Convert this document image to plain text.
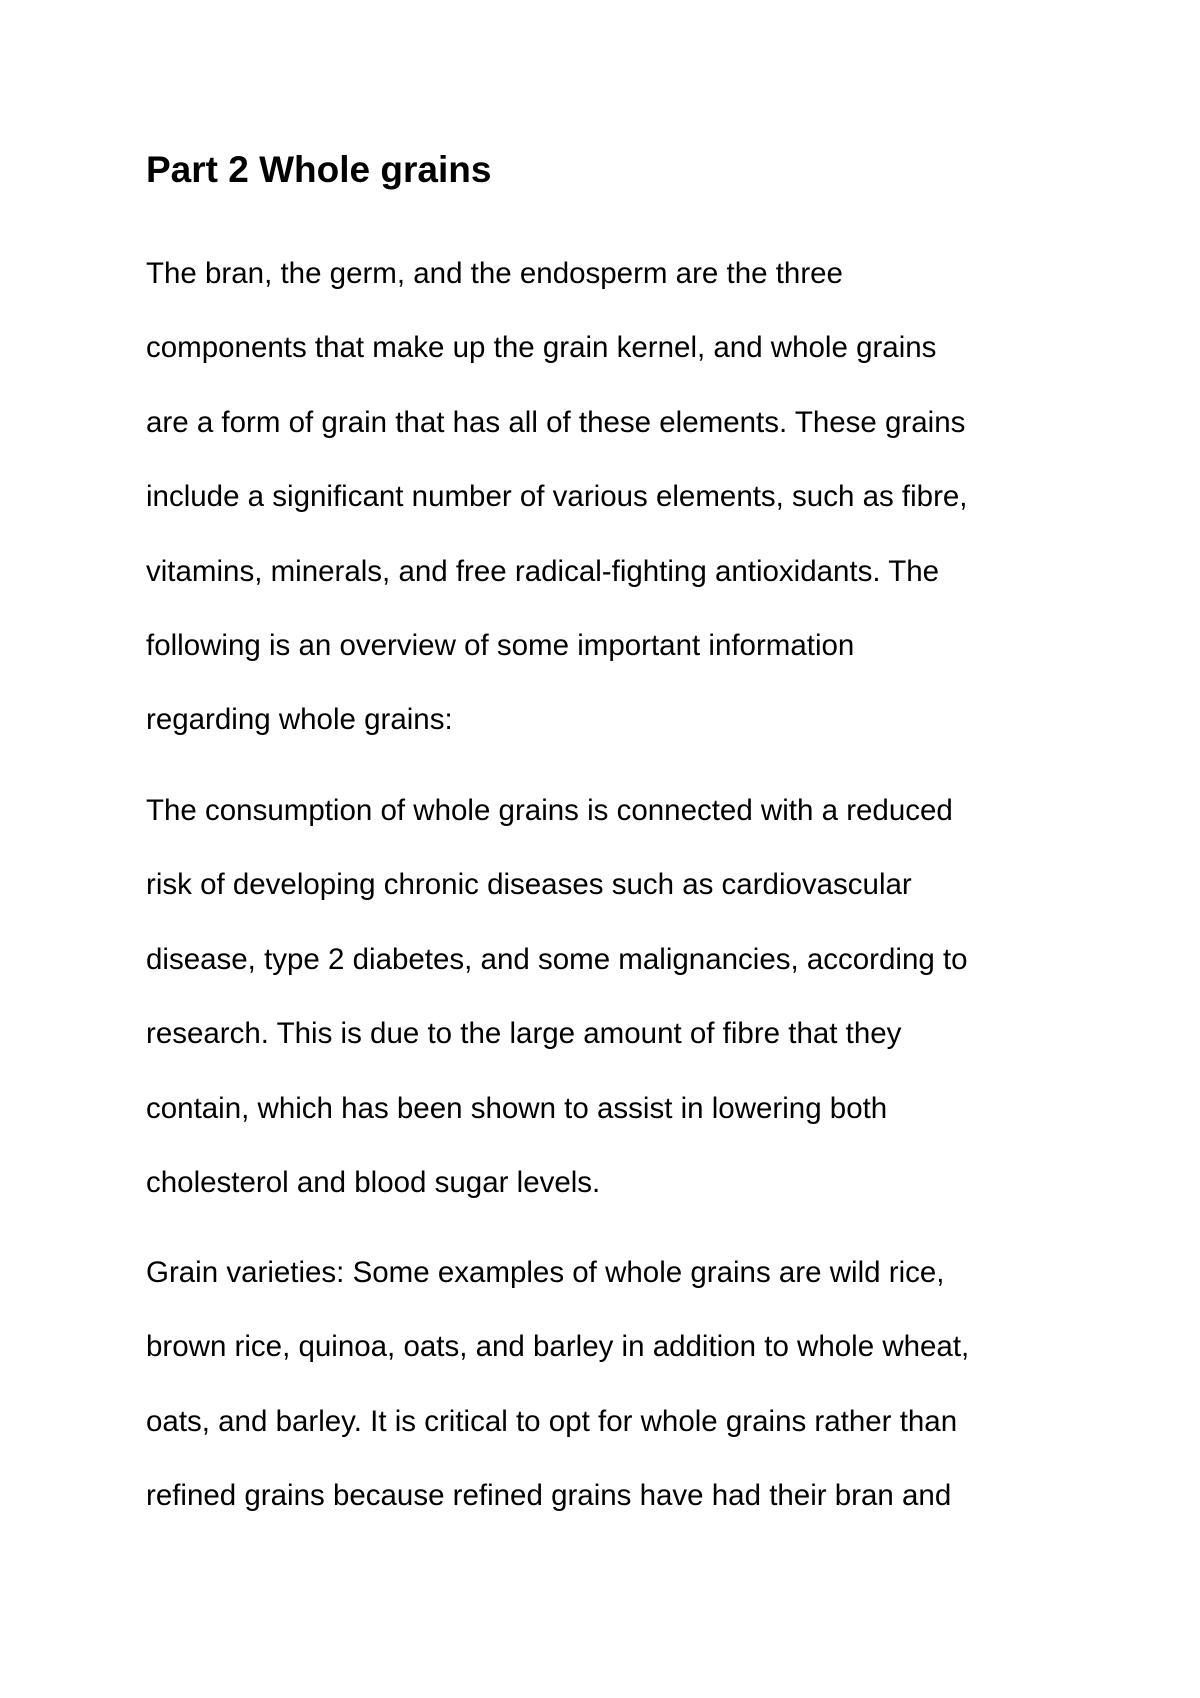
Part 2 Whole grains

The bran, the germ, and the endosperm are the three
components that make up the grain kernel, and whole grains
are a form of grain that has all of these elements. These grains
include a significant number of various elements, such as fibre,
vitamins, minerals, and free radical-fighting antioxidants. The
following is an overview of some important information
regarding whole grains:

The consumption of whole grains is connected with a reduced
risk of developing chronic diseases such as cardiovascular
disease, type 2 diabetes, and some malignancies, according to
research. This is due to the large amount of fibre that they
contain, which has been shown to assist in lowering both
cholesterol and blood sugar levels.

Grain varieties: Some examples of whole grains are wild rice,
brown rice, quinoa, oats, and barley in addition to whole wheat,
oats, and barley. It is critical to opt for whole grains rather than
refined grains because refined grains have had their bran and
